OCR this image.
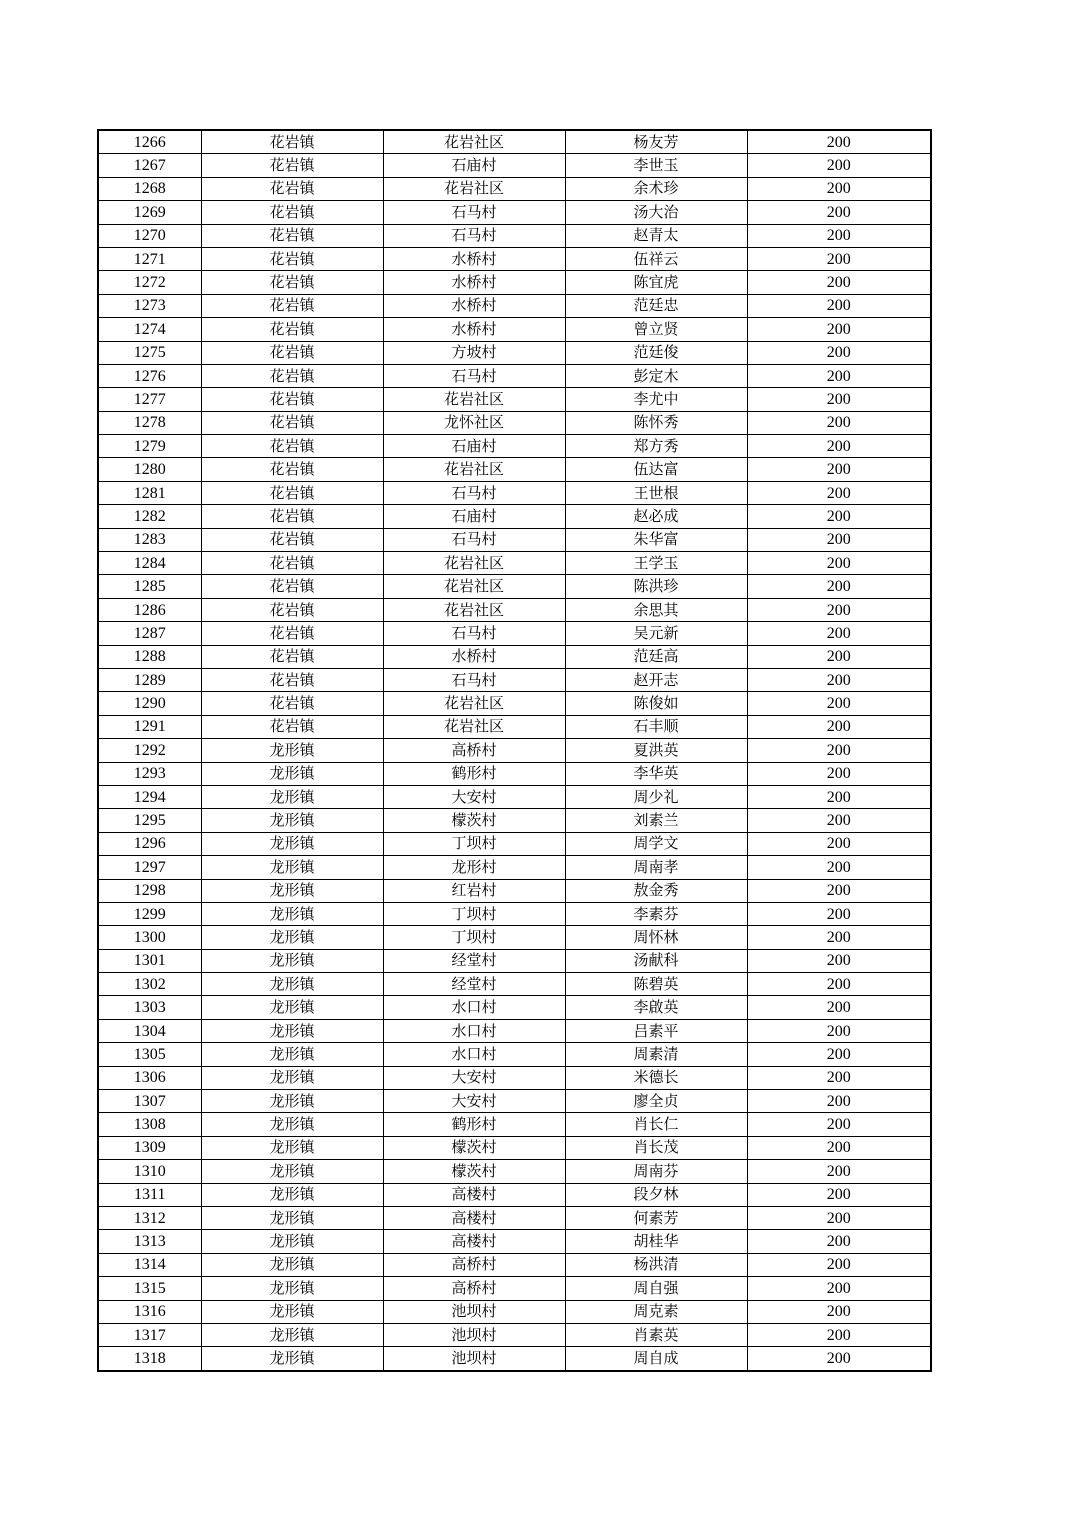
1266	花岩镇	花岩社区	杨友芳	200
1267	花岩镇	石庙村	李世玉	200
1268	花岩镇	花岩社区	余术珍	200
1269	花岩镇	石马村	汤大治	200
1270	花岩镇	石马村	赵青太	200
1271	花岩镇	水桥村	伍祥云	200
1272	花岩镇	水桥村	陈宜虎	200
1273	花岩镇	水桥村	范廷忠	200
1274	花岩镇	水桥村	曾立贤	200
1275	花岩镇	方坡村	范廷俊	200
1276	花岩镇	石马村	彭定木	200
1277	花岩镇	花岩社区	李尤中	200
1278	花岩镇	龙怀社区	陈怀秀	200
1279	花岩镇	石庙村	郑方秀	200
1280	花岩镇	花岩社区	伍达富	200
1281	花岩镇	石马村	王世根	200
1282	花岩镇	石庙村	赵必成	200
1283	花岩镇	石马村	朱华富	200
1284	花岩镇	花岩社区	王学玉	200
1285	花岩镇	花岩社区	陈洪珍	200
1286	花岩镇	花岩社区	余思其	200
1287	花岩镇	石马村	吴元新	200
1288	花岩镇	水桥村	范廷高	200
1289	花岩镇	石马村	赵开志	200
1290	花岩镇	花岩社区	陈俊如	200
1291	花岩镇	花岩社区	石丰顺	200
1292	龙形镇	高桥村	夏洪英	200
1293	龙形镇	鹤形村	李华英	200
1294	龙形镇	大安村	周少礼	200
1295	龙形镇	檬茨村	刘素兰	200
1296	龙形镇	丁坝村	周学文	200
1297	龙形镇	龙形村	周南孝	200
1298	龙形镇	红岩村	敖金秀	200
1299	龙形镇	丁坝村	李素芬	200
1300	龙形镇	丁坝村	周怀林	200
1301	龙形镇	经堂村	汤献科	200
1302	龙形镇	经堂村	陈碧英	200
1303	龙形镇	水口村	李啟英	200
1304	龙形镇	水口村	吕素平	200
1305	龙形镇	水口村	周素清	200
1306	龙形镇	大安村	米德长	200
1307	龙形镇	大安村	廖全贞	200
1308	龙形镇	鹤形村	肖长仁	200
1309	龙形镇	檬茨村	肖长茂	200
1310	龙形镇	檬茨村	周南芬	200
1311	龙形镇	高楼村	段夕林	200
1312	龙形镇	高楼村	何素芳	200
1313	龙形镇	高楼村	胡桂华	200
1314	龙形镇	高桥村	杨洪清	200
1315	龙形镇	高桥村	周自强	200
1316	龙形镇	池坝村	周克素	200
1317	龙形镇	池坝村	肖素英	200
1318	龙形镇	池坝村	周自成	200
